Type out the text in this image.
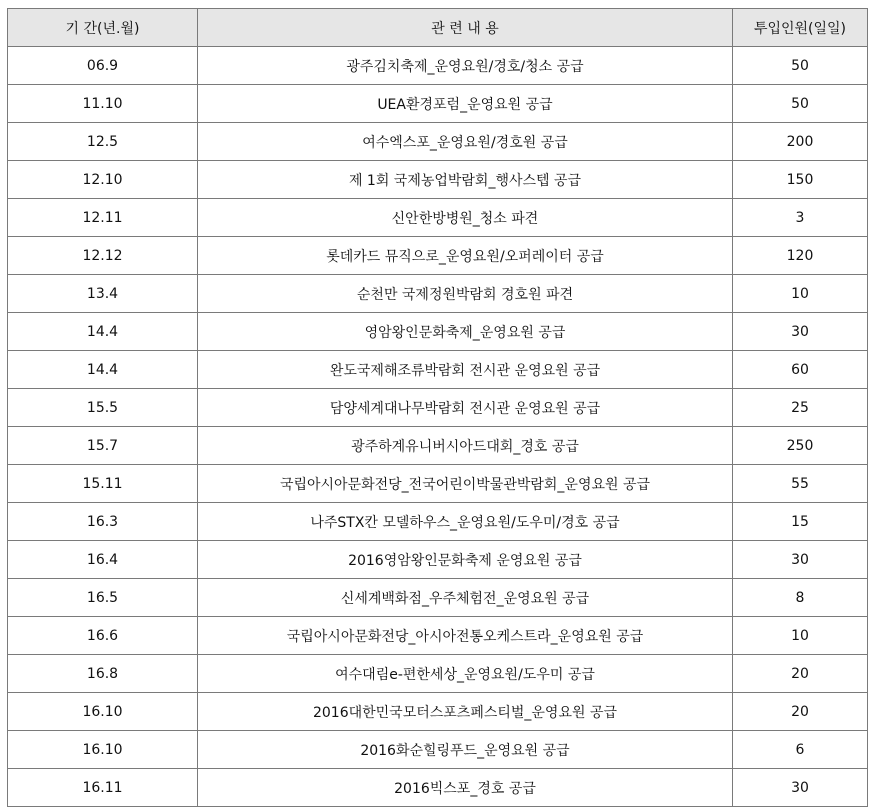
기 간(년.월)	관 련 내 용	투입인원(일일)
06.9	광주김치축제_운영요원/경호/청소 공급	50
11.10	UEA환경포럼_운영요원 공급	50
12.5	여수엑스포_운영요원/경호원 공급	200
12.10	제 1회 국제농업박람회_행사스텝 공급	150
12.11	신안한방병원_청소 파견	3
12.12	롯데카드 뮤직으로_운영요원/오퍼레이터 공급	120
13.4	순천만 국제정원박람회 경호원 파견	10
14.4	영암왕인문화축제_운영요원 공급	30
14.4	완도국제해조류박람회 전시관 운영요원 공급	60
15.5	담양세계대나무박람회 전시관 운영요원 공급	25
15.7	광주하계유니버시아드대회_경호 공급	250
15.11	국립아시아문화전당_전국어린이박물관박람회_운영요원 공급	55
16.3	나주STX칸 모델하우스_운영요원/도우미/경호 공급	15
16.4	2016영암왕인문화축제 운영요원 공급	30
16.5	신세계백화점_우주체험전_운영요원 공급	8
16.6	국립아시아문화전당_아시아전통오케스트라_운영요원 공급	10
16.8	여수대림e-편한세상_운영요원/도우미 공급	20
16.10	2016대한민국모터스포츠페스티벌_운영요원 공급	20
16.10	2016화순힐링푸드_운영요원 공급	6
16.11	2016빅스포_경호 공급	30
